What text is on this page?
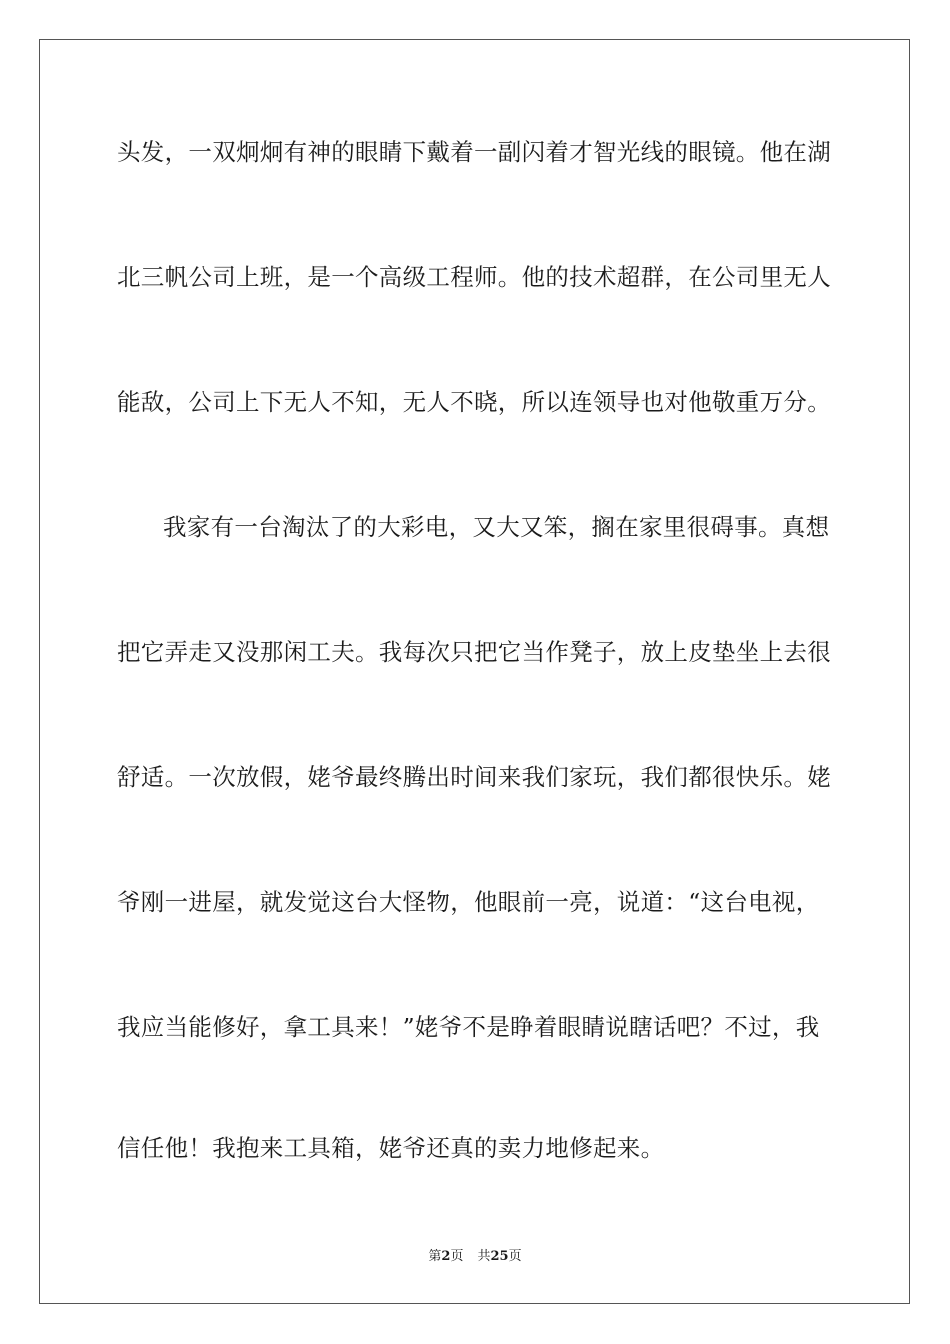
头发，一双炯炯有神的眼睛下戴着一副闪着才智光线的眼镜。他在湖
北三帆公司上班，是一个高级工程师。他的技术超群，在公司里无人
能敌，公司上下无人不知，无人不晓，所以连领导也对他敬重万分。
我家有一台淘汰了的大彩电，又大又笨，搁在家里很碍事。真想
把它弄走又没那闲工夫。我每次只把它当作凳子，放上皮垫坐上去很
舒适。一次放假，姥爷最终腾出时间来我们家玩，我们都很快乐。姥
爷刚一进屋，就发觉这台大怪物，他眼前一亮，说道：“这台电视，
我应当能修好，拿工具来！”姥爷不是睁着眼睛说瞎话吧？不过，我
信任他！我抱来工具箱，姥爷还真的卖力地修起来。
第2页 共25页
